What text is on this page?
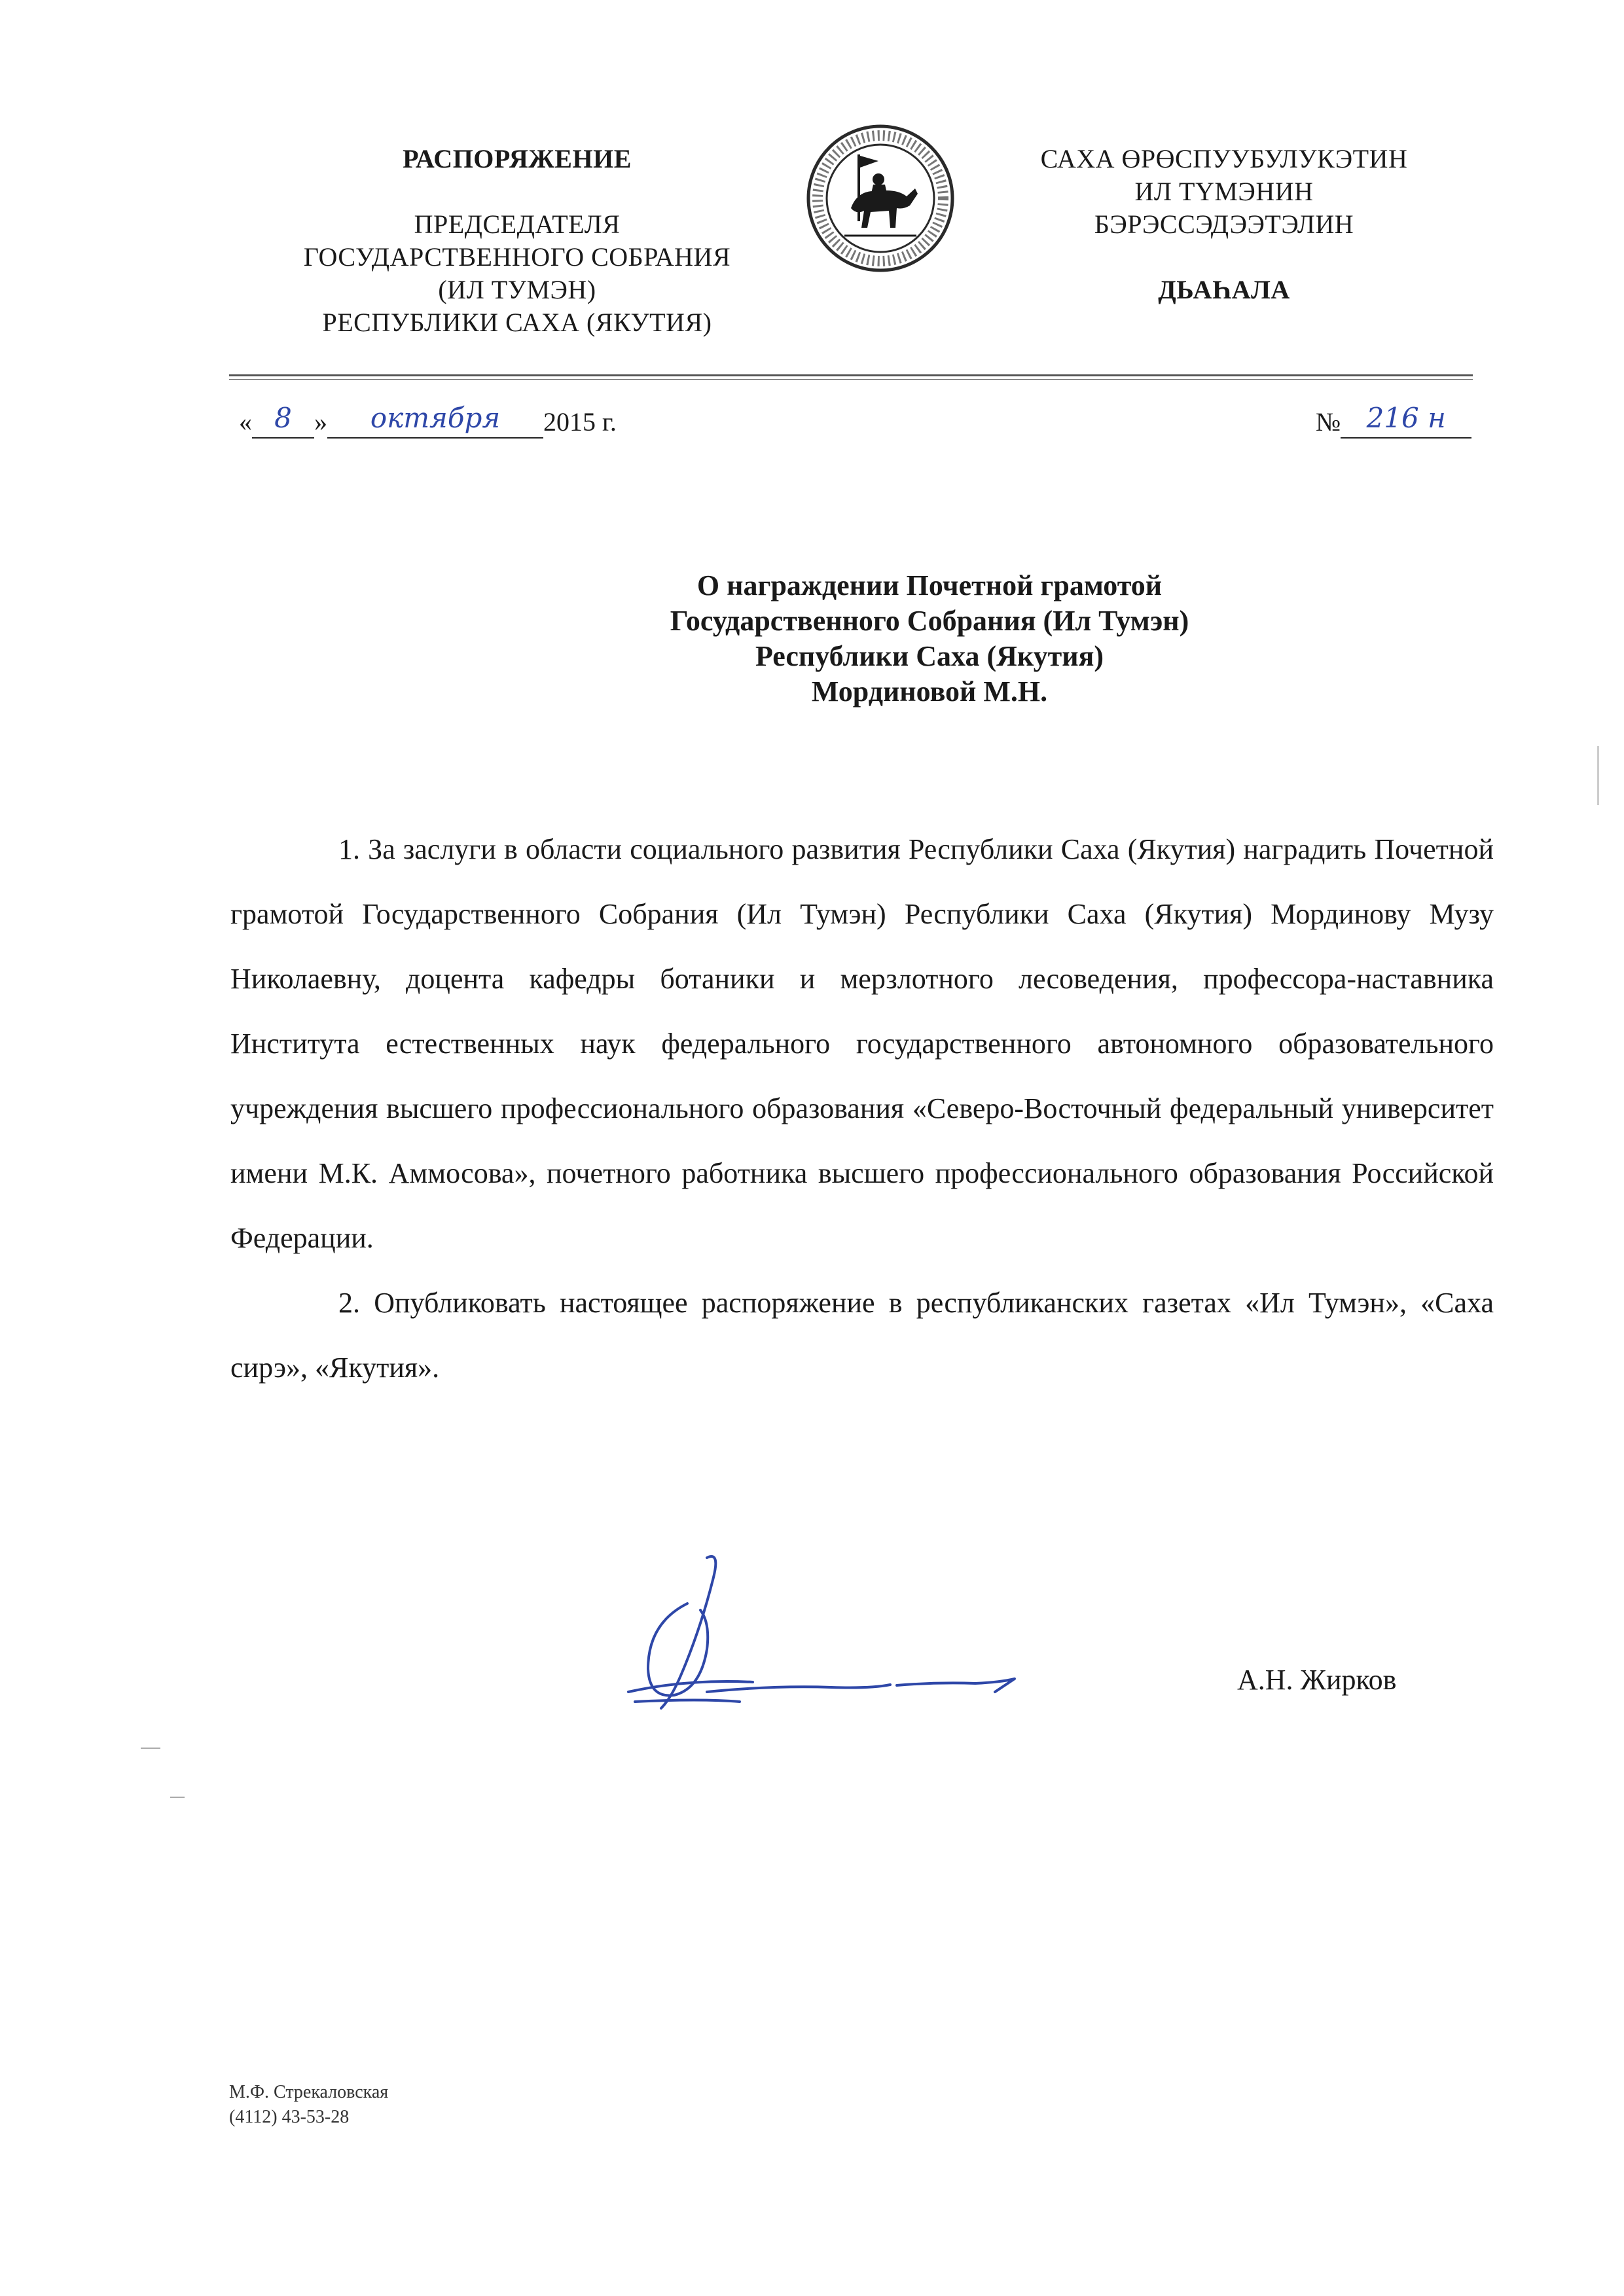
РАСПОРЯЖЕНИЕ
ПРЕДСЕДАТЕЛЯ
ГОСУДАРСТВЕННОГО СОБРАНИЯ
(ИЛ ТУМЭН)
РЕСПУБЛИКИ САХА (ЯКУТИЯ)
САХА ӨРӨСПУУБУЛУКЭТИН
ИЛ ТҮМЭНИН
БЭРЭССЭДЭЭТЭЛИН
ДЬАҺАЛА
« 8 » октября 2015 г.	№ 216 н
О награждении Почетной грамотой
Государственного Собрания (Ил Тумэн)
Республики Саха (Якутия)
Мординовой М.Н.

1. За заслуги в области социального развития Республики Саха (Якутия) наградить Почетной грамотой Государственного Собрания (Ил Тумэн) Республики Саха (Якутия) Мординову Музу Николаевну, доцента кафедры ботаники и мерзлотного лесоведения, профессора-наставника Института естественных наук федерального государственного автономного образовательного учреждения высшего профессионального образования «Северо-Восточный федеральный университет имени М.К. Аммосова», почетного работника высшего профессионального образования Российской Федерации.

2. Опубликовать настоящее распоряжение в республиканских газетах «Ил Тумэн», «Саха сирэ», «Якутия».

А.Н. Жирков
М.Ф. Стрекаловская
(4112) 43-53-28
